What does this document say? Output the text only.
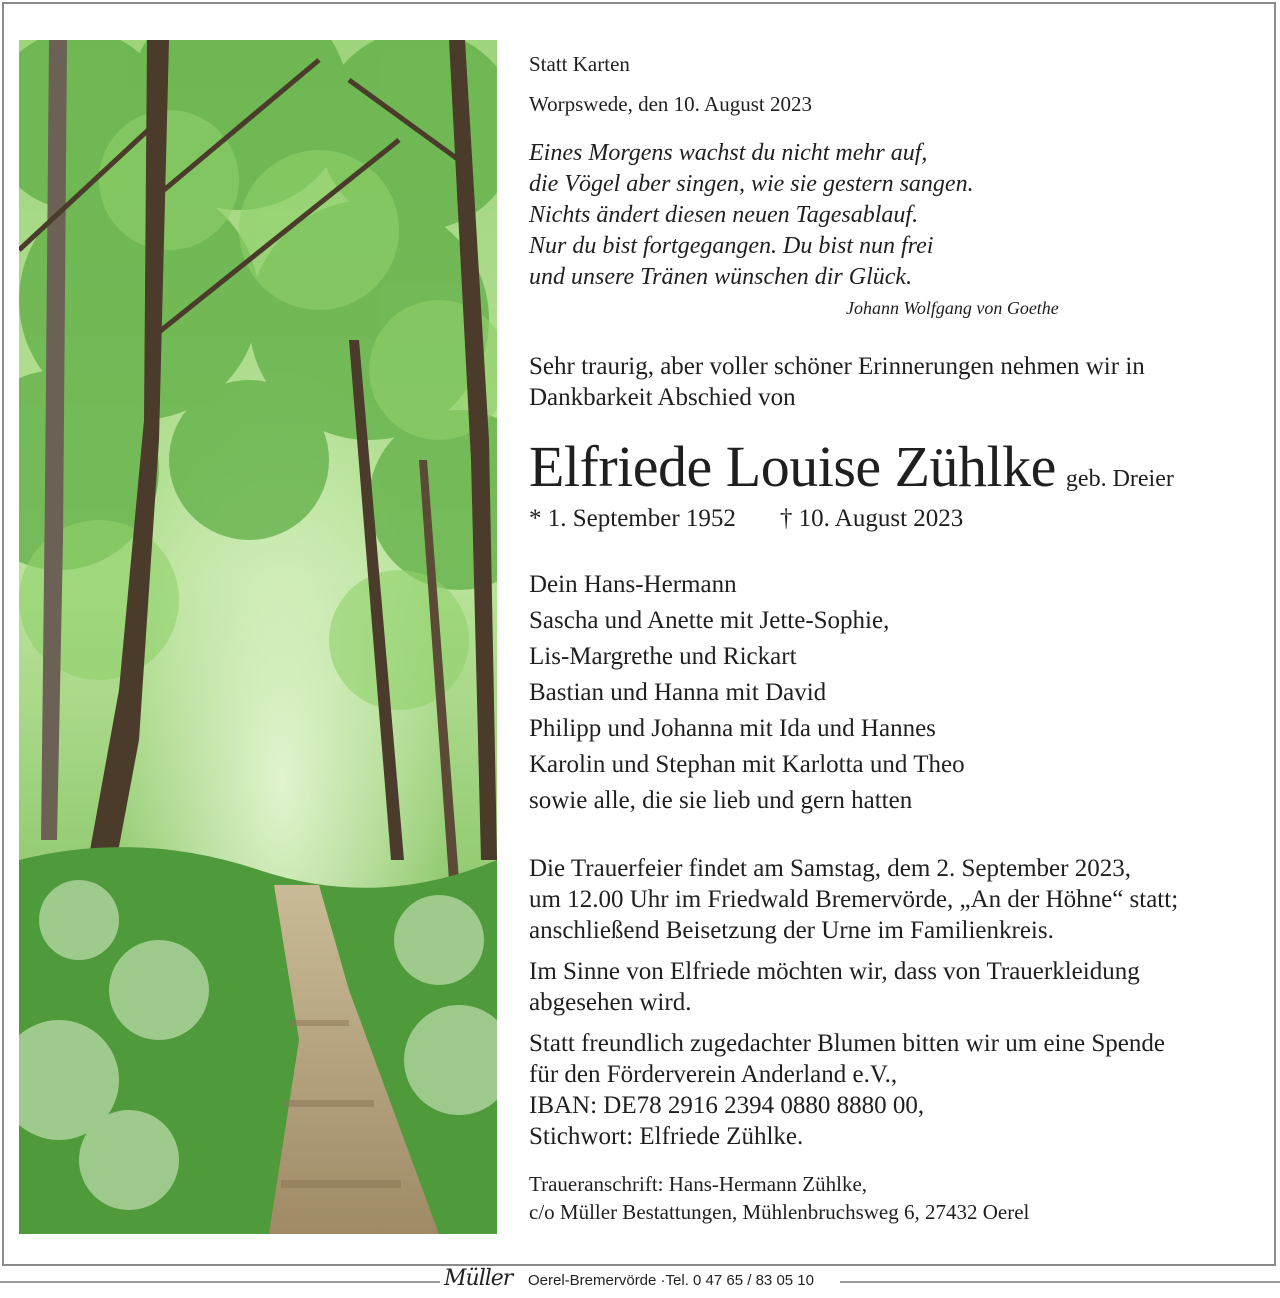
Statt Karten
Worpswede, den 10. August 2023
Eines Morgens wachst du nicht mehr auf,
die Vögel aber singen, wie sie gestern sangen.
Nichts ändert diesen neuen Tagesablauf.
Nur du bist fortgegangen. Du bist nun frei
und unsere Tränen wünschen dir Glück.
Johann Wolfgang von Goethe
Sehr traurig, aber voller schöner Erinnerungen nehmen wir in Dankbarkeit Abschied von
Elfriede Louise Zühlke geb. Dreier
* 1. September 1952 † 10. August 2023
Dein Hans-Hermann
Sascha und Anette mit Jette-Sophie,
Lis-Margrethe und Rickart
Bastian und Hanna mit David
Philipp und Johanna mit Ida und Hannes
Karolin und Stephan mit Karlotta und Theo
sowie alle, die sie lieb und gern hatten
Die Trauerfeier findet am Samstag, dem 2. September 2023,
um 12.00 Uhr im Friedwald Bremervörde, „An der Höhne“ statt;
anschließend Beisetzung der Urne im Familienkreis.
Im Sinne von Elfriede möchten wir, dass von Trauerkleidung
abgesehen wird.
Statt freundlich zugedachter Blumen bitten wir um eine Spende
für den Förderverein Anderland e.V.,
IBAN: DE78 2916 2394 0880 8880 00,
Stichwort: Elfriede Zühlke.
Traueranschrift: Hans-Hermann Zühlke,
c/o Müller Bestattungen, Mühlenbruchsweg 6, 27432 Oerel
Müller Oerel-Bremervörde ·Tel. 0 47 65 / 83 05 10
